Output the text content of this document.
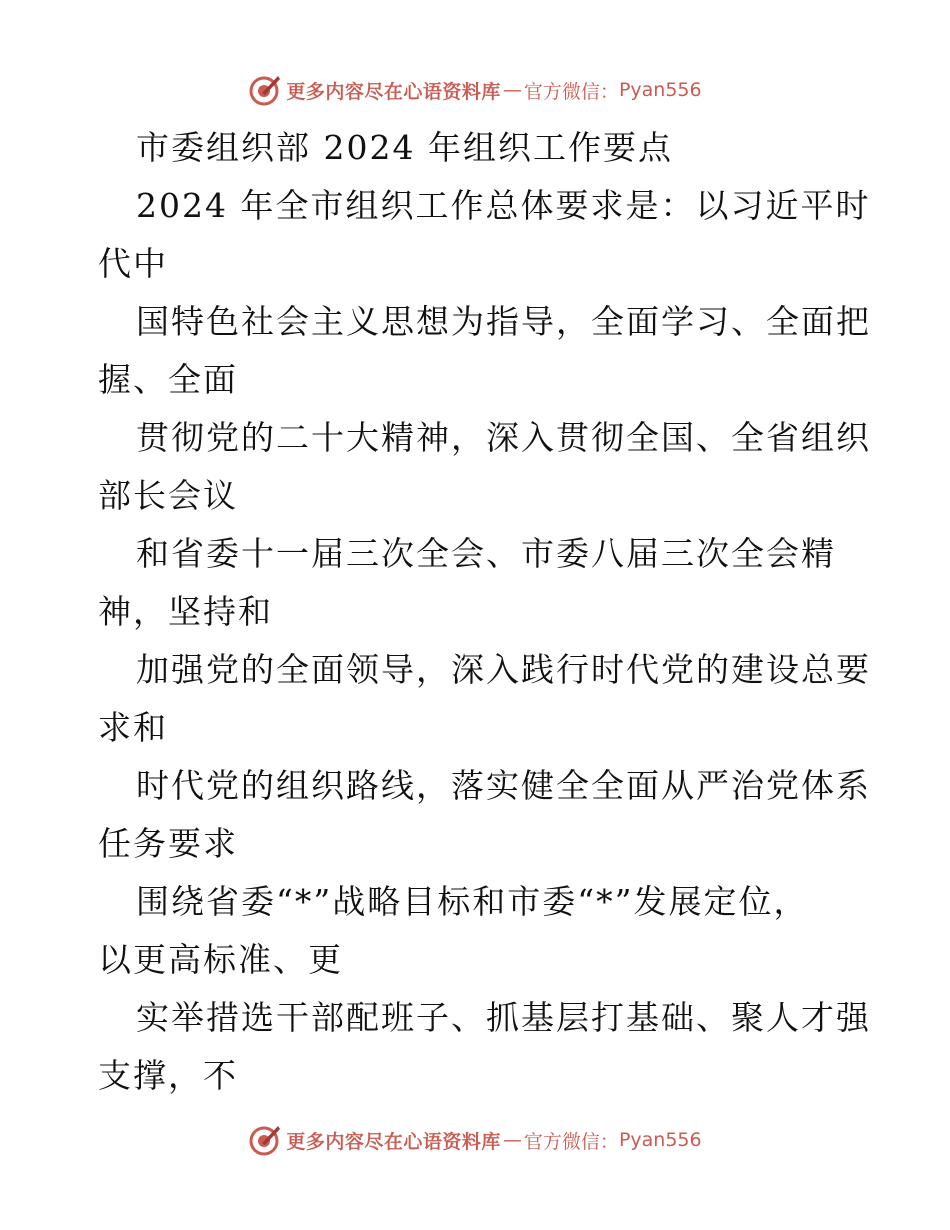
更多内容尽在心语资料库 — 官方微信： Pyan556
市委组织部 2024 年组织工作要点
2024 年全市组织工作总体要求是：以习近平时
代中
国特色社会主义思想为指导，全面学习、全面把
握、全面
贯彻党的二十大精神，深入贯彻全国、全省组织
部长会议
和省委十一届三次全会、市委八届三次全会精
神，坚持和
加强党的全面领导，深入践行时代党的建设总要
求和
时代党的组织路线，落实健全全面从严治党体系
任务要求
围绕省委“*”战略目标和市委“*”发展定位，
以更高标准、更
实举措选干部配班子、抓基层打基础、聚人才强
支撑，不
更多内容尽在心语资料库 — 官方微信： Pyan556
